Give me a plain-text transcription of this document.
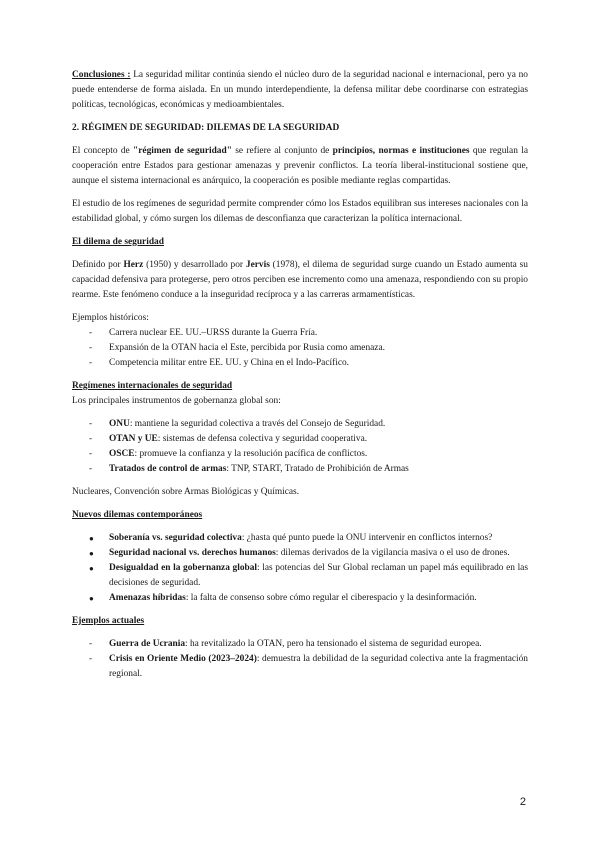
Conclusiones : La seguridad militar continúa siendo el núcleo duro de la seguridad nacional e internacional, pero ya no puede entenderse de forma aislada. En un mundo interdependiente, la defensa militar debe coordinarse con estrategias políticas, tecnológicas, económicas y medioambientales.

2. RÉGIMEN DE SEGURIDAD: DILEMAS DE LA SEGURIDAD

El concepto de "régimen de seguridad" se refiere al conjunto de principios, normas e instituciones que regulan la cooperación entre Estados para gestionar amenazas y prevenir conflictos. La teoría liberal-institucional sostiene que, aunque el sistema internacional es anárquico, la cooperación es posible mediante reglas compartidas.

El estudio de los regímenes de seguridad permite comprender cómo los Estados equilibran sus intereses nacionales con la estabilidad global, y cómo surgen los dilemas de desconfianza que caracterizan la política internacional.

El dilema de seguridad

Definido por Herz (1950) y desarrollado por Jervis (1978), el dilema de seguridad surge cuando un Estado aumenta su capacidad defensiva para protegerse, pero otros perciben ese incremento como una amenaza, respondiendo con su propio rearme. Este fenómeno conduce a la inseguridad recíproca y a las carreras armamentísticas.

Ejemplos históricos:

- Carrera nuclear EE. UU.–URSS durante la Guerra Fría.
- Expansión de la OTAN hacia el Este, percibida por Rusia como amenaza.
- Competencia militar entre EE. UU. y China en el Indo-Pacífico.

Regímenes internacionales de seguridad

Los principales instrumentos de gobernanza global son:

- ONU: mantiene la seguridad colectiva a través del Consejo de Seguridad.
- OTAN y UE: sistemas de defensa colectiva y seguridad cooperativa.
- OSCE: promueve la confianza y la resolución pacífica de conflictos.
- Tratados de control de armas: TNP, START, Tratado de Prohibición de Armas

Nucleares, Convención sobre Armas Biológicas y Químicas.

Nuevos dilemas contemporáneos

● Soberanía vs. seguridad colectiva: ¿hasta qué punto puede la ONU intervenir en conflictos internos?
● Seguridad nacional vs. derechos humanos: dilemas derivados de la vigilancia masiva o el uso de drones.
● Desigualdad en la gobernanza global: las potencias del Sur Global reclaman un papel más equilibrado en las decisiones de seguridad.
● Amenazas híbridas: la falta de consenso sobre cómo regular el ciberespacio y la desinformación.

Ejemplos actuales

- Guerra de Ucrania: ha revitalizado la OTAN, pero ha tensionado el sistema de seguridad europea.
- Crisis en Oriente Medio (2023–2024): demuestra la debilidad de la seguridad colectiva ante la fragmentación regional.
2
